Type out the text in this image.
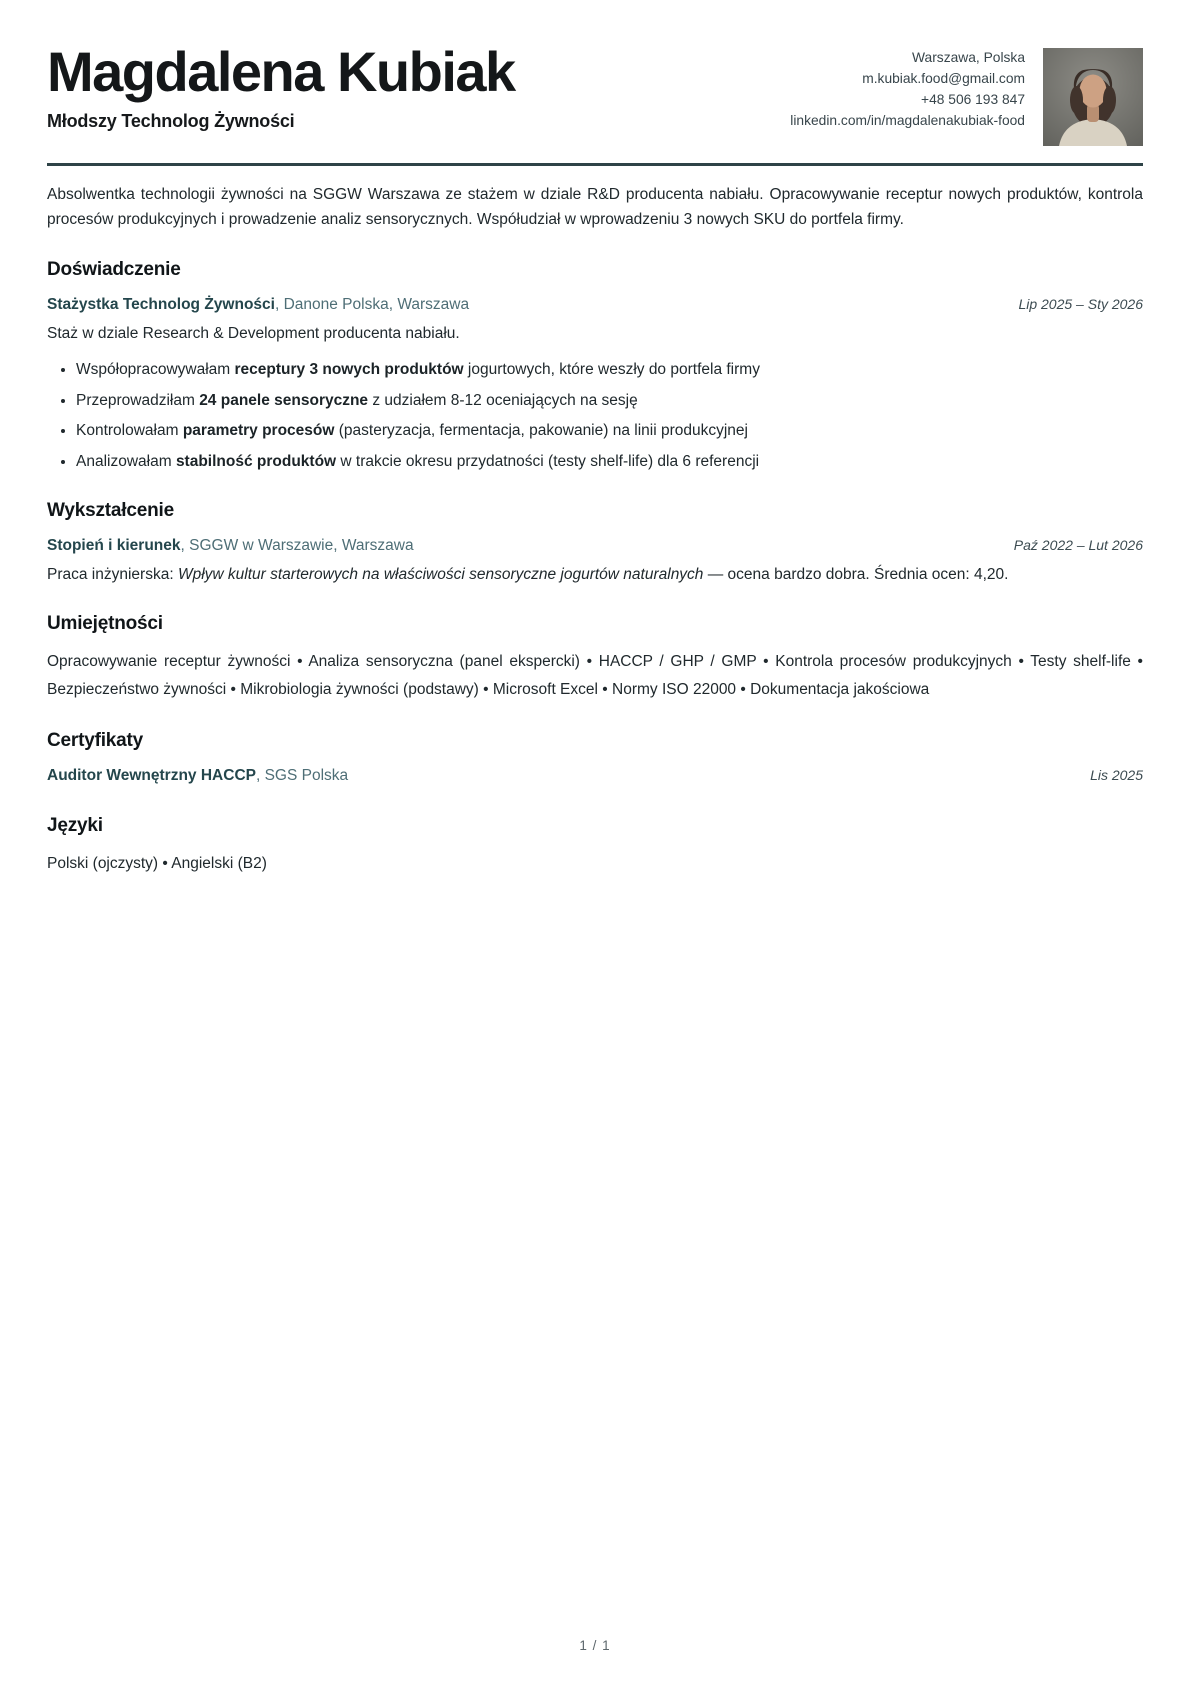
Magdalena Kubiak
Młodszy Technolog Żywności
Warszawa, Polska
m.kubiak.food@gmail.com
+48 506 193 847
linkedin.com/in/magdalenakubiak-food

Absolwentka technologii żywności na SGGW Warszawa ze stażem w dziale R&D producenta nabiału. Opracowywanie receptur nowych produktów, kontrola procesów produkcyjnych i prowadzenie analiz sensorycznych. Współudział w wprowadzeniu 3 nowych SKU do portfela firmy.

Doświadczenie
Stażystka Technolog Żywności, Danone Polska, Warszawa	Lip 2025 – Sty 2026
Staż w dziale Research & Development producenta nabiału.
• Współopracowywałam receptury 3 nowych produktów jogurtowych, które weszły do portfela firmy
• Przeprowadziłam 24 panele sensoryczne z udziałem 8-12 oceniających na sesję
• Kontrolowałam parametry procesów (pasteryzacja, fermentacja, pakowanie) na linii produkcyjnej
• Analizowałam stabilność produktów w trakcie okresu przydatności (testy shelf-life) dla 6 referencji
Wykształcenie
Stopień i kierunek, SGGW w Warszawie, Warszawa	Paź 2022 – Lut 2026
Praca inżynierska: Wpływ kultur starterowych na właściwości sensoryczne jogurtów naturalnych — ocena bardzo dobra. Średnia ocen: 4,20.
Umiejętności

Opracowywanie receptur żywności • Analiza sensoryczna (panel ekspercki) • HACCP / GHP / GMP • Kontrola procesów produkcyjnych • Testy shelf-life • Bezpieczeństwo żywności • Mikrobiologia żywności (podstawy) • Microsoft Excel • Normy ISO 22000 • Dokumentacja jakościowa

Certyfikaty
Auditor Wewnętrzny HACCP, SGS Polska	Lis 2025
Języki

Polski (ojczysty) • Angielski (B2)

1 / 1
